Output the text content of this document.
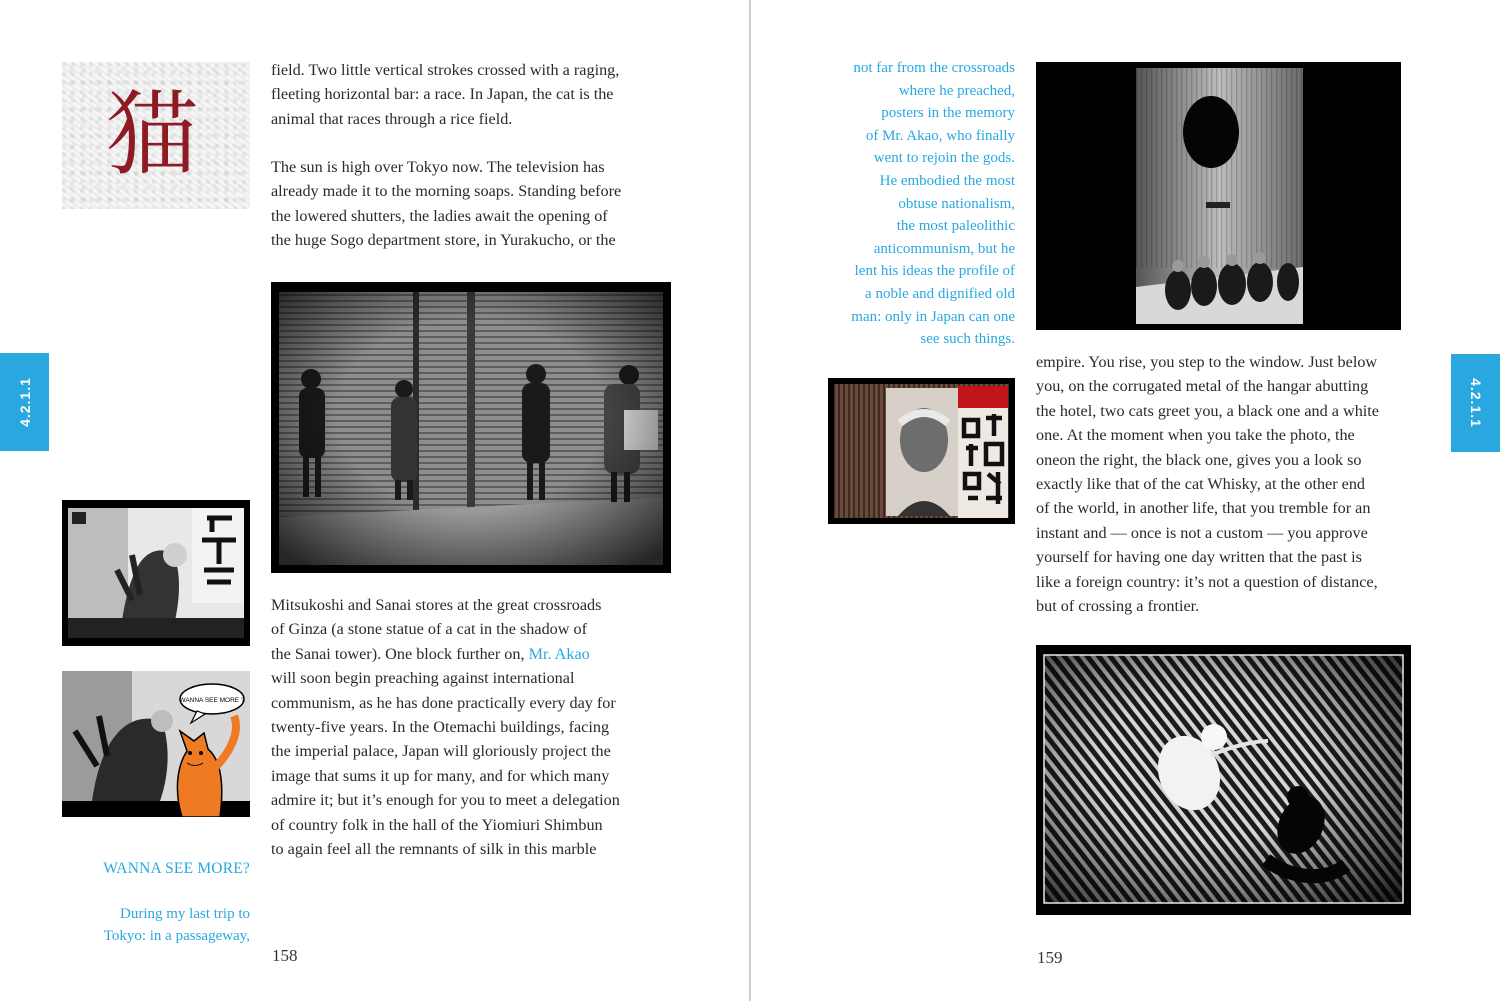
4.2.1.1
猫

field. Two little vertical strokes crossed with a raging,
fleeting horizontal bar: a race. In Japan, the cat is the
animal that races through a rice field.

The sun is high over Tokyo now. The television has
already made it to the morning soaps. Standing before
the lowered shutters, the ladies await the opening of
the huge Sogo department store, in Yurakucho, or the

WANNA SEE MORE ?

WANNA SEE MORE?

During my last trip to
Tokyo: in a passageway,

Mitsukoshi and Sanai stores at the great crossroads
of Ginza (a stone statue of a cat in the shadow of
the Sanai tower). One block further on, Mr. Akao
will soon begin preaching against international
communism, as he has done practically every day for
twenty-five years. In the Otemachi buildings, facing
the imperial palace, Japan will gloriously project the
image that sums it up for many, and for which many
admire it; but it’s enough for you to meet a delegation
of country folk in the hall of the Yiomiuri Shimbun
to again feel all the remnants of silk in this marble

158

not far from the crossroads
where he preached,
posters in the memory
of Mr. Akao, who finally
went to rejoin the gods.
He embodied the most
obtuse nationalism,
the most paleolithic
anticommunism, but he
lent his ideas the profile of
a noble and dignified old
man: only in Japan can one
see such things.

empire. You rise, you step to the window. Just below
you, on the corrugated metal of the hangar abutting
the hotel, two cats greet you, a black one and a white
one. At the moment when you take the photo, the
oneon the right, the black one, gives you a look so
exactly like that of the cat Whisky, at the other end
of the world, in another life, that you tremble for an
instant and — once is not a custom — you approve
yourself for having one day written that the past is
like a foreign country: it’s not a question of distance,
but of crossing a frontier.

4.2.1.1
159
